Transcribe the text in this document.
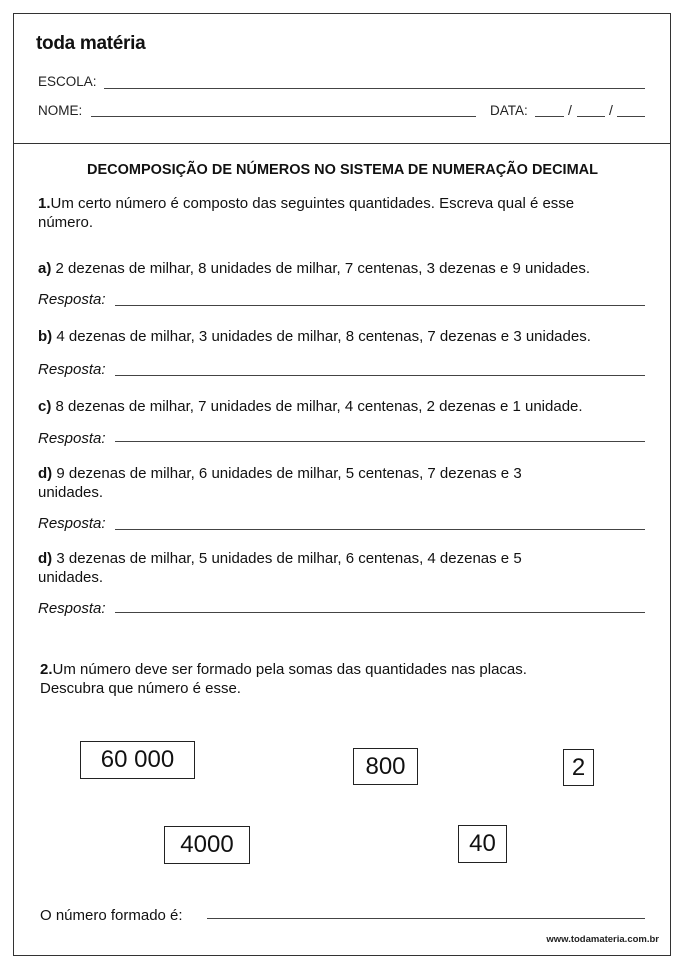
toda matéria
ESCOLA:
NOME:	DATA:	/	/
DECOMPOSIÇÃO DE NÚMEROS NO SISTEMA DE NUMERAÇÃO DECIMAL
1.Um certo número é composto das seguintes quantidades. Escreva qual é esse
número.
a) 2 dezenas de milhar, 8 unidades de milhar, 7 centenas, 3 dezenas e 9 unidades.
Resposta:
b) 4 dezenas de milhar, 3 unidades de milhar, 8 centenas, 7 dezenas e 3 unidades.
Resposta:
c) 8 dezenas de milhar, 7 unidades de milhar, 4 centenas, 2 dezenas e 1 unidade.
Resposta:
d) 9 dezenas de milhar, 6 unidades de milhar, 5 centenas, 7 dezenas e 3
unidades.
Resposta:
d) 3 dezenas de milhar, 5 unidades de milhar, 6 centenas, 4 dezenas e 5
unidades.
Resposta:
2.Um número deve ser formado pela somas das quantidades nas placas.
Descubra que número é esse.
60 000	800	2
4000	40
O número formado é:
www.todamateria.com.br
